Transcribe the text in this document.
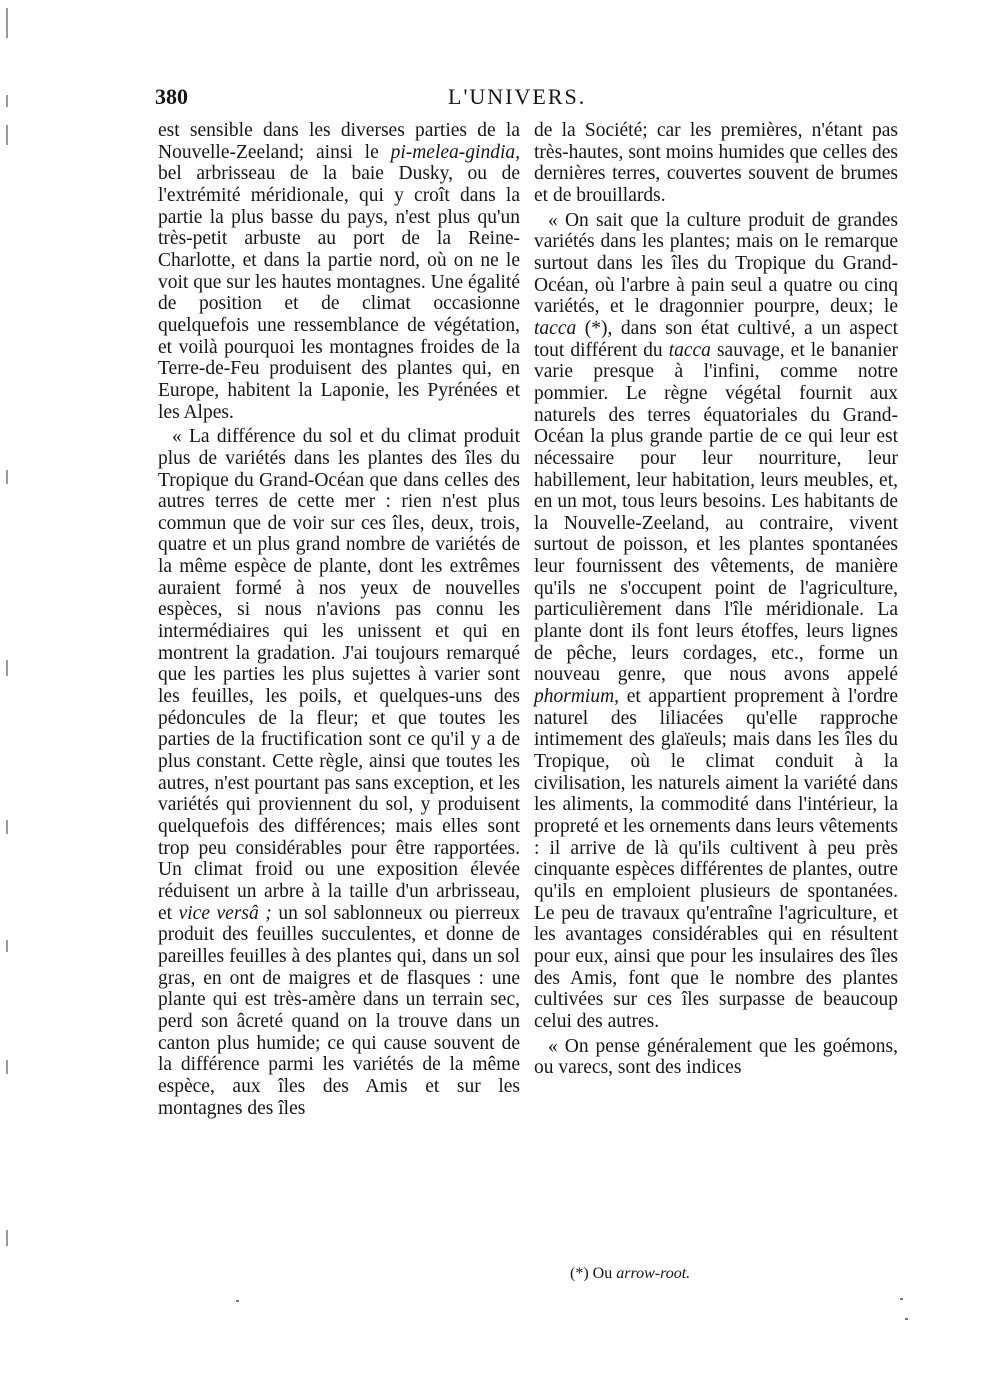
380	L'UNIVERS.

est sensible dans les diverses parties de la Nouvelle-Zeeland; ainsi le pi-melea-gindia, bel arbrisseau de la baie Dusky, ou de l'extrémité méridionale, qui y croît dans la partie la plus basse du pays, n'est plus qu'un très-petit arbuste au port de la Reine-Charlotte, et dans la partie nord, où on ne le voit que sur les hautes montagnes. Une égalité de position et de climat occasionne quelquefois une ressemblance de végétation, et voilà pourquoi les montagnes froides de la Terre-de-Feu produisent des plantes qui, en Europe, habitent la Laponie, les Pyrénées et les Alpes.

« La différence du sol et du climat produit plus de variétés dans les plantes des îles du Tropique du Grand-Océan que dans celles des autres terres de cette mer : rien n'est plus commun que de voir sur ces îles, deux, trois, quatre et un plus grand nombre de variétés de la même espèce de plante, dont les extrêmes auraient formé à nos yeux de nouvelles espèces, si nous n'avions pas connu les intermédiaires qui les unissent et qui en montrent la gradation. J'ai toujours remarqué que les parties les plus sujettes à varier sont les feuilles, les poils, et quelques-uns des pédoncules de la fleur; et que toutes les parties de la fructification sont ce qu'il y a de plus constant. Cette règle, ainsi que toutes les autres, n'est pourtant pas sans exception, et les variétés qui proviennent du sol, y produisent quelquefois des différences; mais elles sont trop peu considérables pour être rapportées. Un climat froid ou une exposition élevée réduisent un arbre à la taille d'un arbrisseau, et vice versâ ; un sol sablonneux ou pierreux produit des feuilles succulentes, et donne de pareilles feuilles à des plantes qui, dans un sol gras, en ont de maigres et de flasques : une plante qui est très-amère dans un terrain sec, perd son âcreté quand on la trouve dans un canton plus humide; ce qui cause souvent de la différence parmi les variétés de la même espèce, aux îles des Amis et sur les montagnes des îles

de la Société; car les premières, n'étant pas très-hautes, sont moins humides que celles des dernières terres, couvertes souvent de brumes et de brouillards.

« On sait que la culture produit de grandes variétés dans les plantes; mais on le remarque surtout dans les îles du Tropique du Grand-Océan, où l'arbre à pain seul a quatre ou cinq variétés, et le dragonnier pourpre, deux; le tacca (*), dans son état cultivé, a un aspect tout différent du tacca sauvage, et le bananier varie presque à l'infini, comme notre pommier. Le règne végétal fournit aux naturels des terres équatoriales du Grand-Océan la plus grande partie de ce qui leur est nécessaire pour leur nourriture, leur habillement, leur habitation, leurs meubles, et, en un mot, tous leurs besoins. Les habitants de la Nouvelle-Zeeland, au contraire, vivent surtout de poisson, et les plantes spontanées leur fournissent des vêtements, de manière qu'ils ne s'occupent point de l'agriculture, particulièrement dans l'île méridionale. La plante dont ils font leurs étoffes, leurs lignes de pêche, leurs cordages, etc., forme un nouveau genre, que nous avons appelé phormium, et appartient proprement à l'ordre naturel des liliacées qu'elle rapproche intimement des glaïeuls; mais dans les îles du Tropique, où le climat conduit à la civilisation, les naturels aiment la variété dans les aliments, la commodité dans l'intérieur, la propreté et les ornements dans leurs vêtements : il arrive de là qu'ils cultivent à peu près cinquante espèces différentes de plantes, outre qu'ils en emploient plusieurs de spontanées. Le peu de travaux qu'entraîne l'agriculture, et les avantages considérables qui en résultent pour eux, ainsi que pour les insulaires des îles des Amis, font que le nombre des plantes cultivées sur ces îles surpasse de beaucoup celui des autres.

« On pense généralement que les goémons, ou varecs, sont des indices

(*) Ou arrow-root.
